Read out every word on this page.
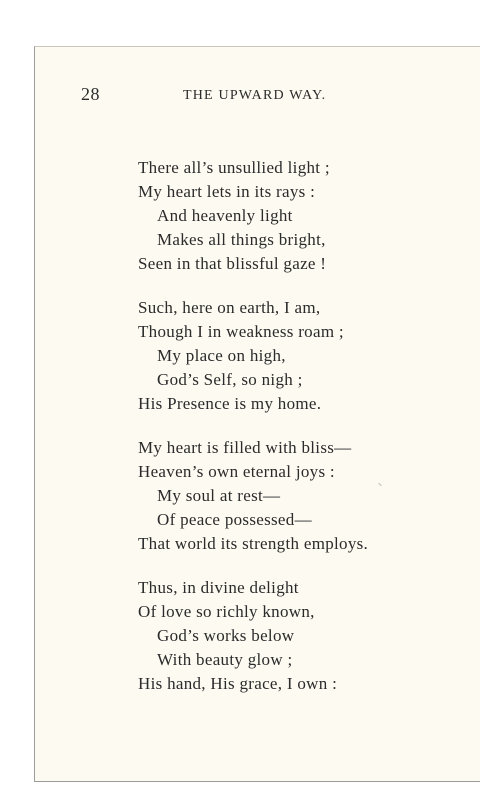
28	THE UPWARD WAY.
There all’s unsullied light ;
My heart lets in its rays :
And heavenly light
Makes all things bright,
Seen in that blissful gaze !
Such, here on earth, I am,
Though I in weakness roam ;
My place on high,
God’s Self, so nigh ;
His Presence is my home.
My heart is filled with bliss—
Heaven’s own eternal joys :
My soul at rest—
Of peace possessed—
That world its strength employs.
Thus, in divine delight
Of love so richly known,
God’s works below
With beauty glow ;
His hand, His grace, I own :
